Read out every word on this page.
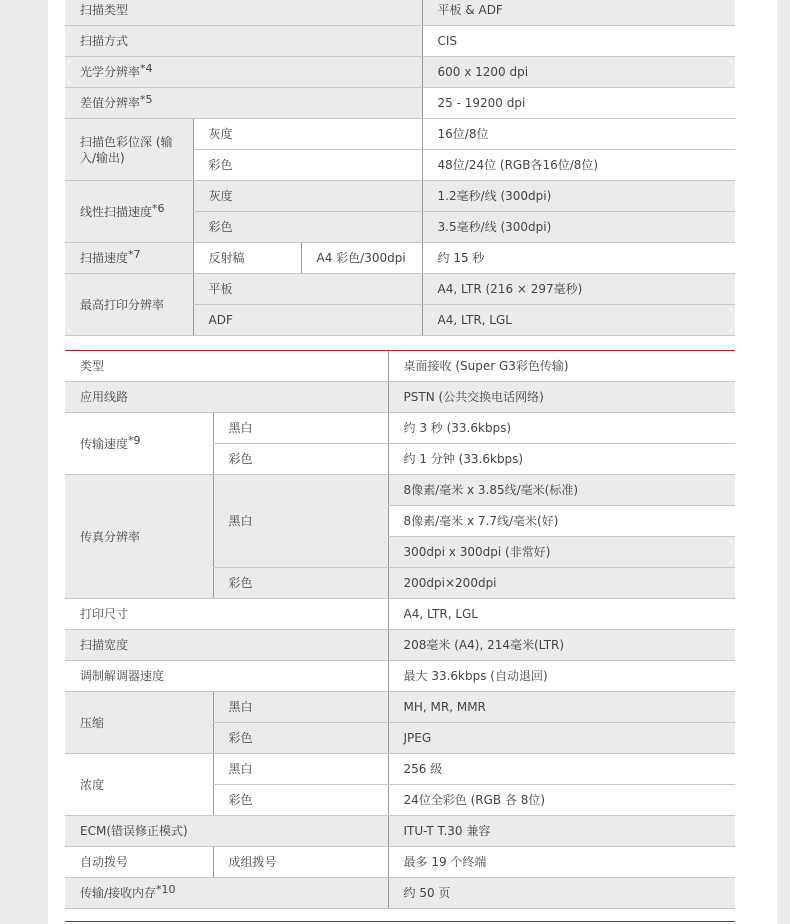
扫描类型			平板 & ADF
扫描方式			CIS
光学分辨率$^{*4}$			600 x 1200 dpi
差值分辨率$^{*5}$			25 - 19200 dpi
扫描色彩位深 (输入/输出)	灰度		16位/8位
	彩色		48位/24位 (RGB各16位/8位)
线性扫描速度$^{*6}$	灰度		1.2毫秒/线 (300dpi)
	彩色		3.5毫秒/线 (300dpi)
扫描速度$^{*7}$	反射稿	A4 彩色/300dpi	约 15 秒
最高打印分辨率	平板		A4, LTR (216 × 297毫秒)
	ADF		A4, LTR, LGL
类型		桌面接收 (Super G3彩色传输)
应用线路		PSTN (公共交换电话网络)
传输速度$^{*9}$	黑白	约 3 秒 (33.6kbps)
	彩色	约 1 分钟 (33.6kbps)
传真分辨率	黑白	8像素/毫米 x 3.85线/毫米(标准)
		8像素/毫米 x 7.7线/毫米(好)
		300dpi x 300dpi (非常好)
	彩色	200dpi×200dpi
打印尺寸		A4, LTR, LGL
扫描宽度		208毫米 (A4), 214毫米(LTR)
调制解调器速度		最大 33.6kbps (自动退回)
压缩	黑白	MH, MR, MMR
	彩色	JPEG
浓度	黑白	256 级
	彩色	24位全彩色 (RGB 各 8位)
ECM(错误修正模式)		ITU-T T.30 兼容
自动拨号	成组拨号	最多 19 个终端
传输/接收内存$^{*10}$		约 50 页
